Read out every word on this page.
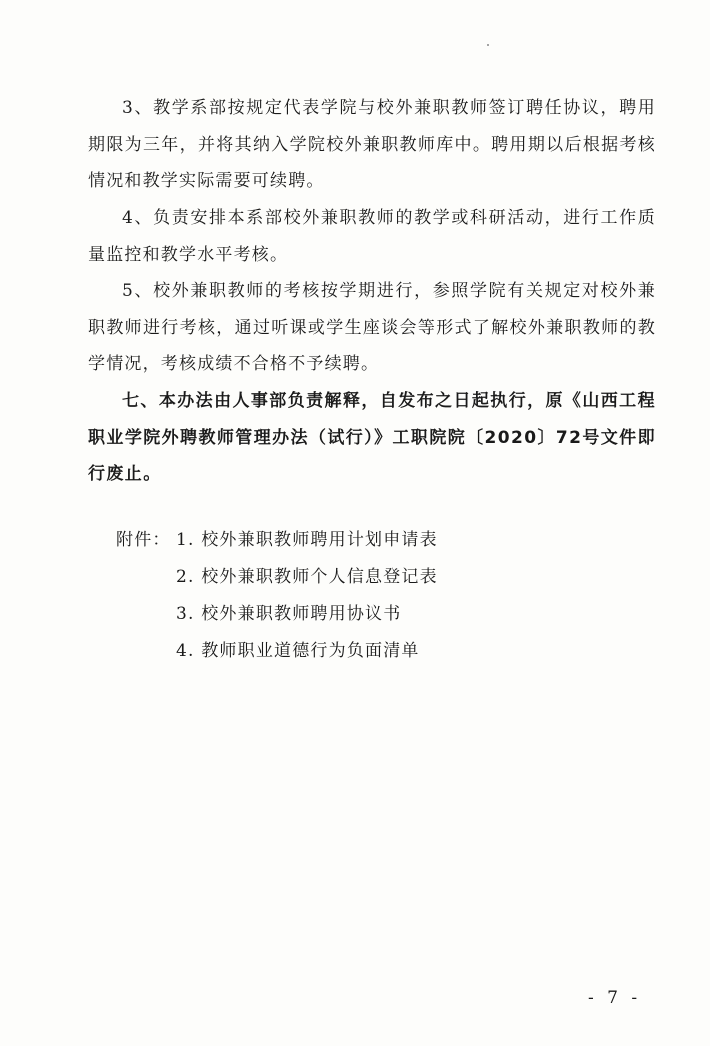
3、教学系部按规定代表学院与校外兼职教师签订聘任协议，聘用期限为三年，并将其纳入学院校外兼职教师库中。聘用期以后根据考核情况和教学实际需要可续聘。

4、负责安排本系部校外兼职教师的教学或科研活动，进行工作质量监控和教学水平考核。

5、校外兼职教师的考核按学期进行，参照学院有关规定对校外兼职教师进行考核，通过听课或学生座谈会等形式了解校外兼职教师的教学情况，考核成绩不合格不予续聘。

七、本办法由人事部负责解释，自发布之日起执行，原《山西工程职业学院外聘教师管理办法（试行）》工职院院〔2020〕72号文件即行废止。

附件： 1. 校外兼职教师聘用计划申请表
2. 校外兼职教师个人信息登记表
3. 校外兼职教师聘用协议书
4. 教师职业道德行为负面清单
- 7 -
